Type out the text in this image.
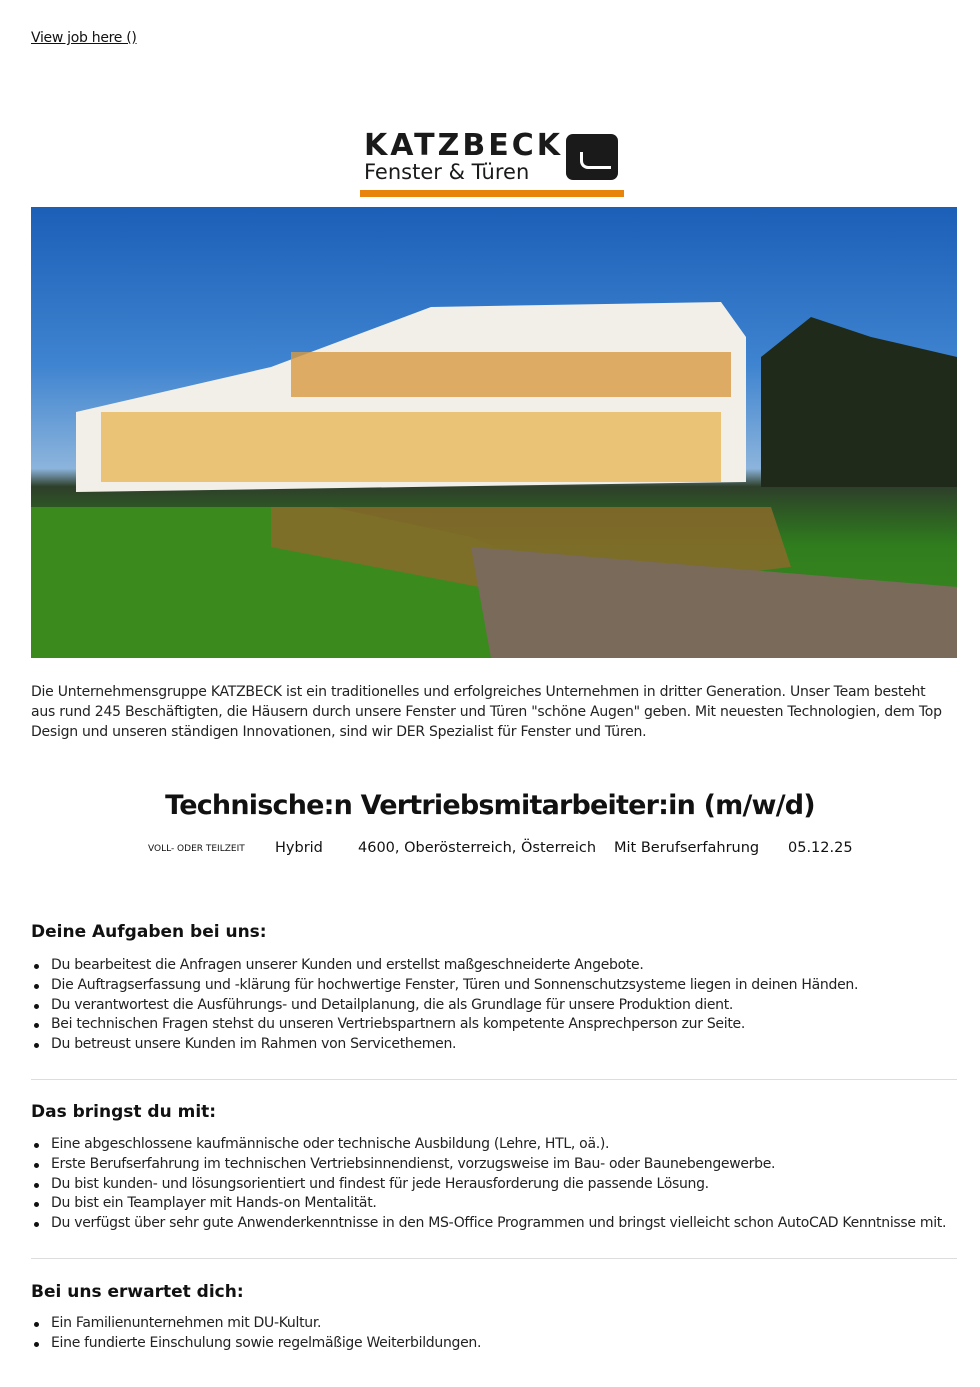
View job here ()
KATZBECK
Fenster & Türen

Die Unternehmensgruppe KATZBECK ist ein traditionelles und erfolgreiches Unternehmen in dritter Generation. Unser Team besteht aus rund 245 Beschäftigten, die Häusern durch unsere Fenster und Türen "schöne Augen" geben. Mit neuesten Technologien, dem Top Design und unseren ständigen Innovationen, sind wir DER Spezialist für Fenster und Türen.

Technische:n Vertriebsmitarbeiter:in (m/w/d)
VOLL- ODER TEILZEIT Hybrid 4600, Oberösterreich, Österreich Mit Berufserfahrung 05.12.25
Deine Aufgaben bei uns:
Du bearbeitest die Anfragen unserer Kunden und erstellst maßgeschneiderte Angebote.
Die Auftragserfassung und -klärung für hochwertige Fenster, Türen und Sonnenschutzsysteme liegen in deinen Händen.
Du verantwortest die Ausführungs- und Detailplanung, die als Grundlage für unsere Produktion dient.
Bei technischen Fragen stehst du unseren Vertriebspartnern als kompetente Ansprechperson zur Seite.
Du betreust unsere Kunden im Rahmen von Servicethemen.
Das bringst du mit:
Eine abgeschlossene kaufmännische oder technische Ausbildung (Lehre, HTL, oä.).
Erste Berufserfahrung im technischen Vertriebsinnendienst, vorzugsweise im Bau- oder Baunebengewerbe.
Du bist kunden- und lösungsorientiert und findest für jede Herausforderung die passende Lösung.
Du bist ein Teamplayer mit Hands-on Mentalität.
Du verfügst über sehr gute Anwenderkenntnisse in den MS-Office Programmen und bringst vielleicht schon AutoCAD Kenntnisse mit.
Bei uns erwartet dich:
Ein Familienunternehmen mit DU-Kultur.
Eine fundierte Einschulung sowie regelmäßige Weiterbildungen.
